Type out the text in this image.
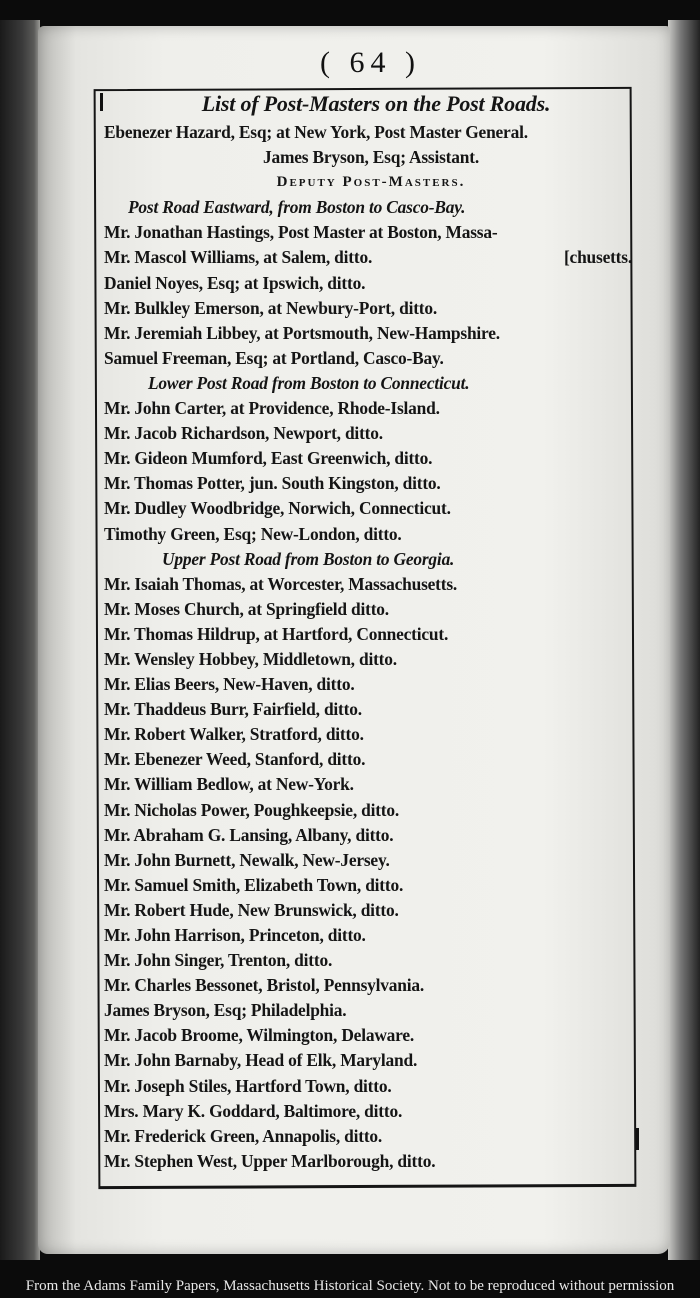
( 64 )
List of Post-Masters on the Post Roads.
Ebenezer Hazard, Esq; at New York, Post Master General.
James Bryson, Esq; Assistant.
Deputy Post-Masters.
Post Road Eastward, from Boston to Casco-Bay.
Mr. Jonathan Hastings, Post Master at Boston, Massa-
Mr. Mascol Williams, at Salem, ditto.	[chusetts.
Daniel Noyes, Esq; at Ipswich, ditto.
Mr. Bulkley Emerson, at Newbury-Port, ditto.
Mr. Jeremiah Libbey, at Portsmouth, New-Hampshire.
Samuel Freeman, Esq; at Portland, Casco-Bay.
Lower Post Road from Boston to Connecticut.
Mr. John Carter, at Providence, Rhode-Island.
Mr. Jacob Richardson, Newport, ditto.
Mr. Gideon Mumford, East Greenwich, ditto.
Mr. Thomas Potter, jun. South Kingston, ditto.
Mr. Dudley Woodbridge, Norwich, Connecticut.
Timothy Green, Esq; New-London, ditto.
Upper Post Road from Boston to Georgia.
Mr. Isaiah Thomas, at Worcester, Massachusetts.
Mr. Moses Church, at Springfield ditto.
Mr. Thomas Hildrup, at Hartford, Connecticut.
Mr. Wensley Hobbey, Middletown, ditto.
Mr. Elias Beers, New-Haven, ditto.
Mr. Thaddeus Burr, Fairfield, ditto.
Mr. Robert Walker, Stratford, ditto.
Mr. Ebenezer Weed, Stanford, ditto.
Mr. William Bedlow, at New-York.
Mr. Nicholas Power, Poughkeepsie, ditto.
Mr. Abraham G. Lansing, Albany, ditto.
Mr. John Burnett, Newalk, New-Jersey.
Mr. Samuel Smith, Elizabeth Town, ditto.
Mr. Robert Hude, New Brunswick, ditto.
Mr. John Harrison, Princeton, ditto.
Mr. John Singer, Trenton, ditto.
Mr. Charles Bessonet, Bristol, Pennsylvania.
James Bryson, Esq; Philadelphia.
Mr. Jacob Broome, Wilmington, Delaware.
Mr. John Barnaby, Head of Elk, Maryland.
Mr. Joseph Stiles, Hartford Town, ditto.
Mrs. Mary K. Goddard, Baltimore, ditto.
Mr. Frederick Green, Annapolis, ditto.
Mr. Stephen West, Upper Marlborough, ditto.
From the Adams Family Papers, Massachusetts Historical Society. Not to be reproduced without permission
